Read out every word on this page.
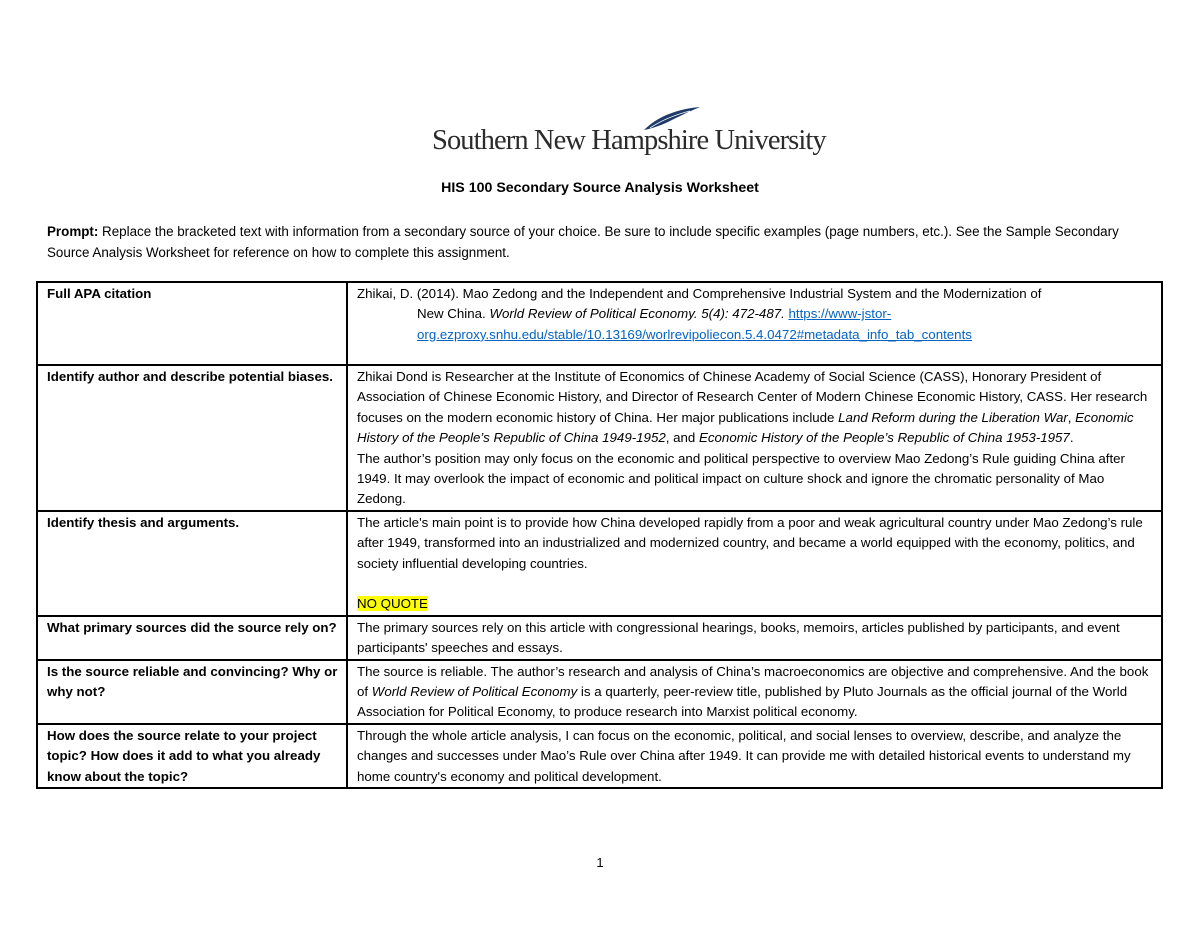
Southern New Hampshire University
HIS 100 Secondary Source Analysis Worksheet
Prompt: Replace the bracketed text with information from a secondary source of your choice. Be sure to include specific examples (page numbers, etc.). See the Sample Secondary Source Analysis Worksheet for reference on how to complete this assignment.
Full APA citation	Zhikai, D. (2014). Mao Zedong and the Independent and Comprehensive Industrial System and the Modernization of
New China. World Review of Political Economy. 5(4): 472-487. https://www-jstor-
org.ezproxy.snhu.edu/stable/10.13169/worlrevipoliecon.5.4.0472#metadata_info_tab_contents

Identify author and describe potential biases.	Zhikai Dond is Researcher at the Institute of Economics of Chinese Academy of Social Science (CASS), Honorary President of Association of Chinese Economic History, and Director of Research Center of Modern Chinese Economic History, CASS. Her research focuses on the modern economic history of China. Her major publications include Land Reform during the Liberation War, Economic History of the People’s Republic of China 1949-1952, and Economic History of the People’s Republic of China 1953-1957.
The author’s position may only focus on the economic and political perspective to overview Mao Zedong’s Rule guiding China after 1949. It may overlook the impact of economic and political impact on culture shock and ignore the chromatic personality of Mao Zedong.

Identify thesis and arguments.	The article's main point is to provide how China developed rapidly from a poor and weak agricultural country under Mao Zedong’s rule after 1949, transformed into an industrialized and modernized country, and became a world equipped with the economy, politics, and society influential developing countries.
NO QUOTE

What primary sources did the source rely on?	The primary sources rely on this article with congressional hearings, books, memoirs, articles published by participants, and event participants' speeches and essays.
Is the source reliable and convincing? Why or why not?	The source is reliable. The author’s research and analysis of China’s macroeconomics are objective and comprehensive. And the book of World Review of Political Economy is a quarterly, peer-review title, published by Pluto Journals as the official journal of the World Association for Political Economy, to produce research into Marxist political economy.
How does the source relate to your project topic? How does it add to what you already know about the topic?	Through the whole article analysis, I can focus on the economic, political, and social lenses to overview, describe, and analyze the changes and successes under Mao’s Rule over China after 1949. It can provide me with detailed historical events to understand my home country's economy and political development.
1
